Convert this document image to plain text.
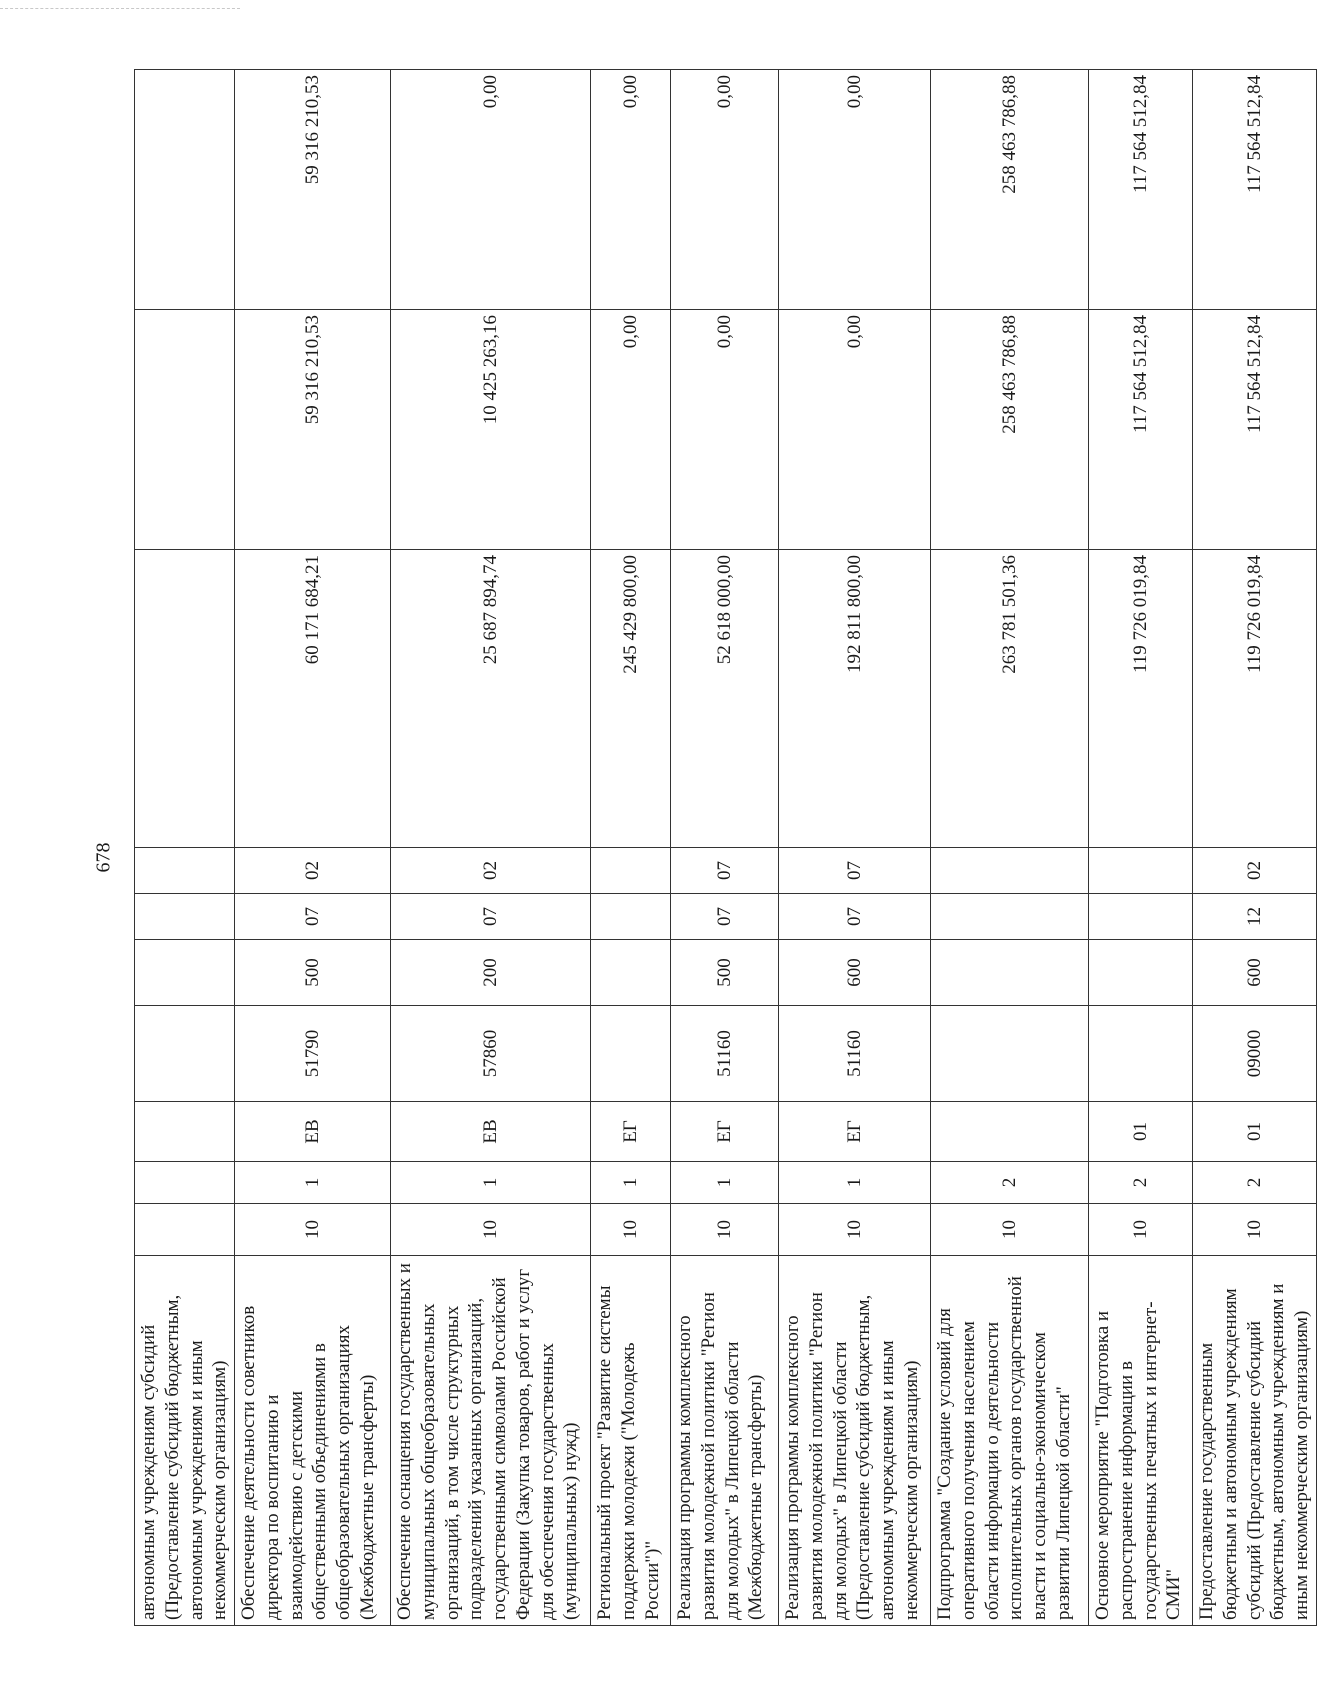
678
автономным учреждениям субсидий (Предоставление субсидий бюджетным, автономным учреждениям и иным некоммерческим организациям)										
Обеспечение деятельности советников директора по воспитанию и взаимодействию с детскими общественными объединениями в общеобразовательных организациях (Межбюджетные трансферты)	10	1	ЕВ	51790	500	07	02	60 171 684,21	59 316 210,53	59 316 210,53
Обеспечение оснащения государственных и муниципальных общеобразовательных организаций, в том числе структурных подразделений указанных организаций, государственными символами Российской Федерации (Закупка товаров, работ и услуг для обеспечения государственных (муниципальных) нужд)	10	1	ЕВ	57860	200	07	02	25 687 894,74	10 425 263,16	0,00
Региональный проект "Развитие системы поддержки молодежи ("Молодежь России")"	10	1	ЕГ					245 429 800,00	0,00	0,00
Реализация программы комплексного развития молодежной политики "Регион для молодых" в Липецкой области (Межбюджетные трансферты)	10	1	ЕГ	51160	500	07	07	52 618 000,00	0,00	0,00
Реализация программы комплексного развития молодежной политики "Регион для молодых" в Липецкой области (Предоставление субсидий бюджетным, автономным учреждениям и иным некоммерческим организациям)	10	1	ЕГ	51160	600	07	07	192 811 800,00	0,00	0,00
Подпрограмма "Создание условий для оперативного получения населением области информации о деятельности исполнительных органов государственной власти и социально-экономическом развитии Липецкой области"	10	2						263 781 501,36	258 463 786,88	258 463 786,88
Основное мероприятие "Подготовка и распространение информации в государственных печатных и интернет-СМИ"	10	2	01					119 726 019,84	117 564 512,84	117 564 512,84
Предоставление государственным бюджетным и автономным учреждениям субсидий (Предоставление субсидий бюджетным, автономным учреждениям и иным некоммерческим организациям)	10	2	01	09000	600	12	02	119 726 019,84	117 564 512,84	117 564 512,84
